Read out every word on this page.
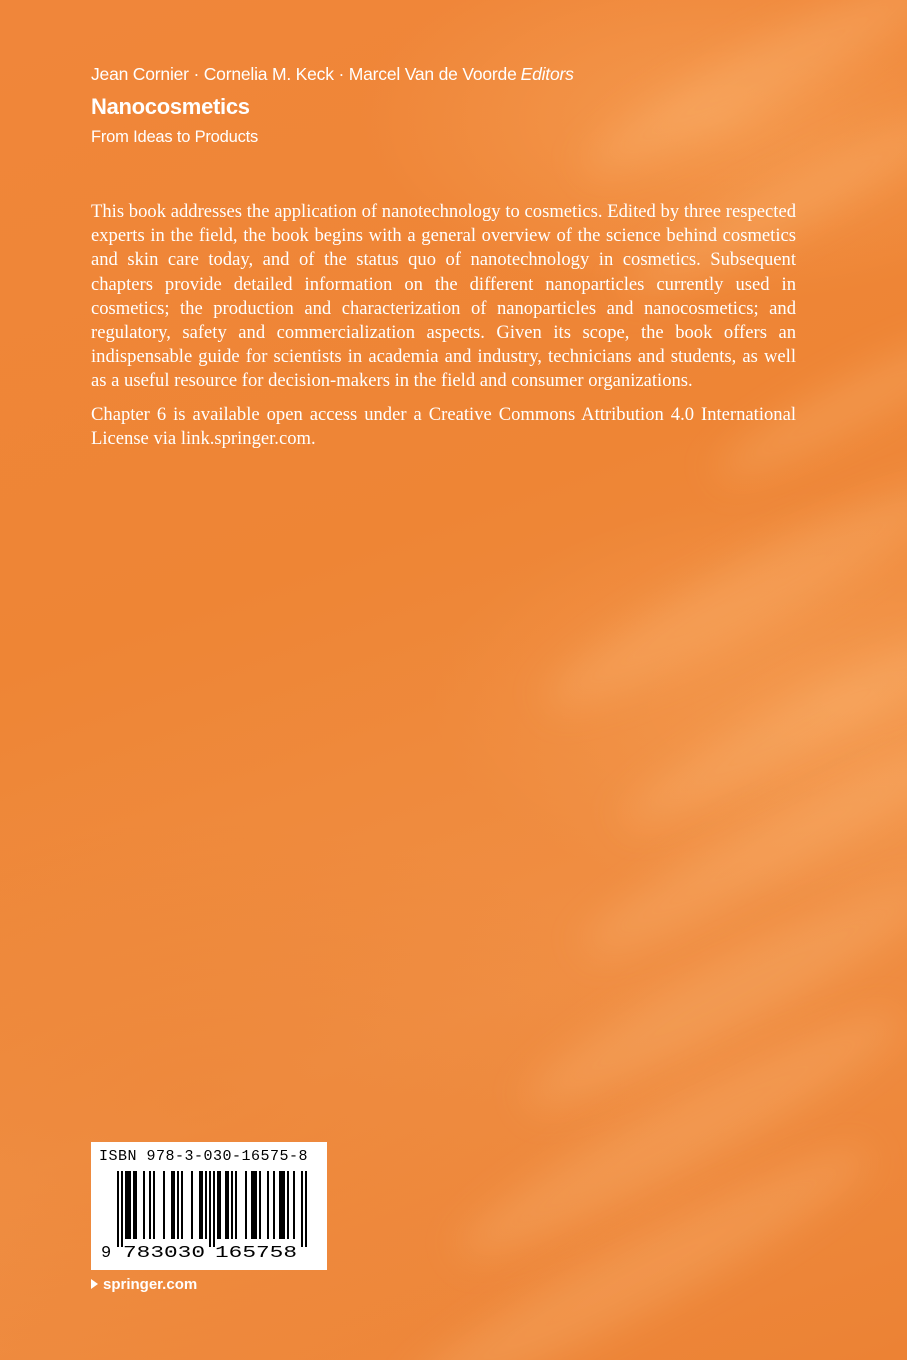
Jean Cornier · Cornelia M. Keck · Marcel Van de Voorde Editors
Nanocosmetics
From Ideas to Products

This book addresses the application of nanotechnology to cosmetics. Edited by three respected experts in the field, the book begins with a general overview of the science behind cosmetics and skin care today, and of the status quo of nanotechnology in cosmetics. Subsequent chapters provide detailed information on the different nanoparticles currently used in cosmetics; the production and characterization of nanoparticles and nanocosmetics; and regulatory, safety and commercialization aspects. Given its scope, the book offers an indispensable guide for scientists in academia and industry, technicians and students, as well as a useful resource for decision-makers in the field and consumer organizations.

Chapter 6 is available open access under a Creative Commons Attribution 4.0 International License via link.springer.com.

ISBN 978-3-030-16575-8
9 783030 165758
springer.com
